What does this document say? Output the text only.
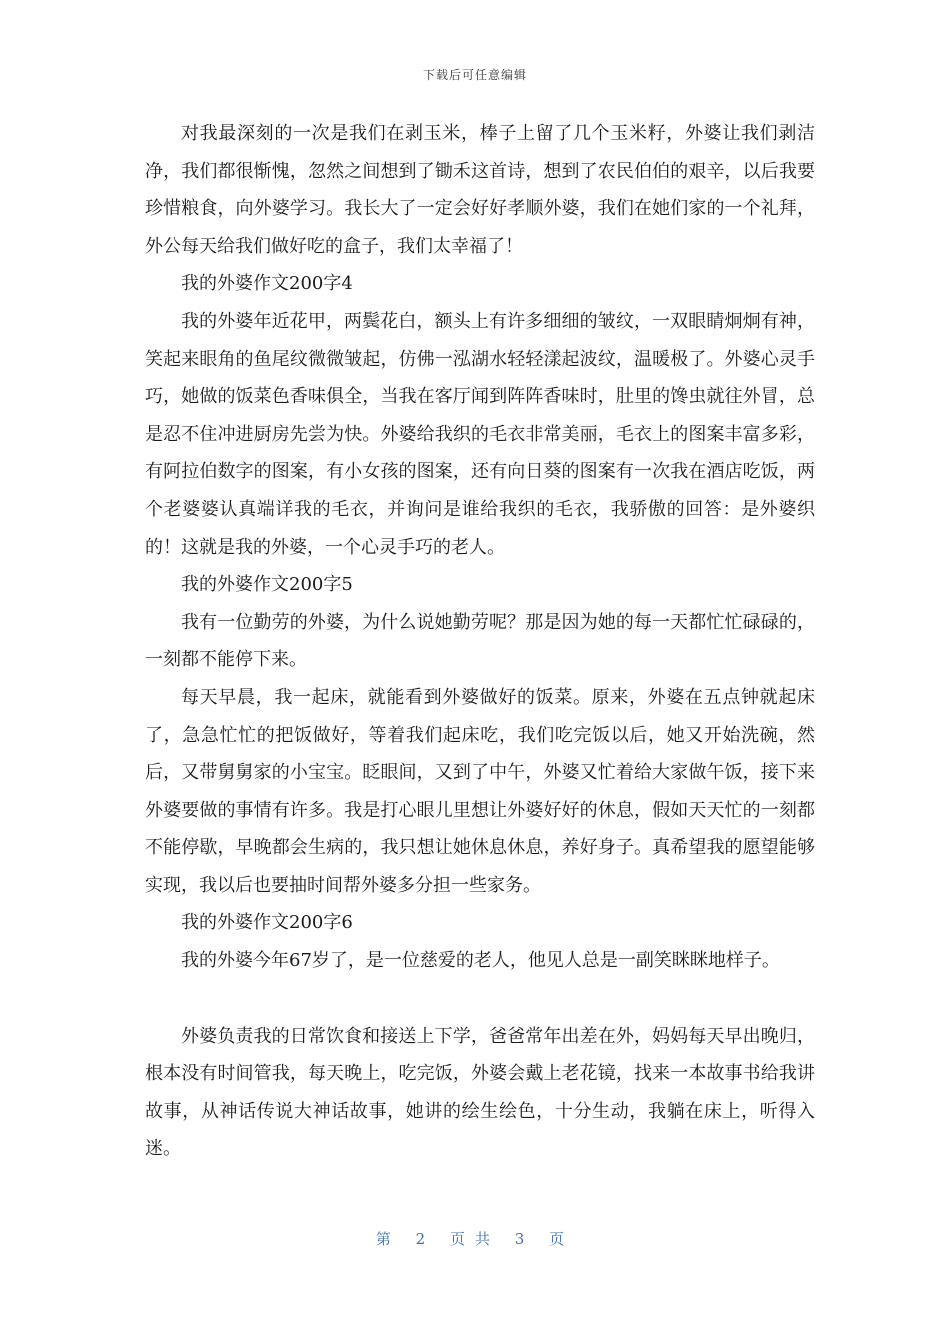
下载后可任意编辑

对我最深刻的一次是我们在剥玉米，棒子上留了几个玉米籽，外婆让我们剥洁净，我们都很惭愧，忽然之间想到了锄禾这首诗，想到了农民伯伯的艰辛，以后我要珍惜粮食，向外婆学习。我长大了一定会好好孝顺外婆，我们在她们家的一个礼拜，外公每天给我们做好吃的盒子，我们太幸福了！

我的外婆作文200字4

我的外婆年近花甲，两鬓花白，额头上有许多细细的皱纹，一双眼睛炯炯有神，笑起来眼角的鱼尾纹微微皱起，仿佛一泓湖水轻轻漾起波纹，温暖极了。外婆心灵手巧，她做的饭菜色香味俱全，当我在客厅闻到阵阵香味时，肚里的馋虫就往外冒，总是忍不住冲进厨房先尝为快。外婆给我织的毛衣非常美丽，毛衣上的图案丰富多彩，有阿拉伯数字的图案，有小女孩的图案，还有向日葵的图案有一次我在酒店吃饭，两个老婆婆认真端详我的毛衣，并询问是谁给我织的毛衣，我骄傲的回答：是外婆织的！这就是我的外婆，一个心灵手巧的老人。

我的外婆作文200字5

我有一位勤劳的外婆，为什么说她勤劳呢？那是因为她的每一天都忙忙碌碌的，一刻都不能停下来。

每天早晨，我一起床，就能看到外婆做好的饭菜。原来，外婆在五点钟就起床了，急急忙忙的把饭做好，等着我们起床吃，我们吃完饭以后，她又开始洗碗，然后，又带舅舅家的小宝宝。眨眼间，又到了中午，外婆又忙着给大家做午饭，接下来外婆要做的事情有许多。我是打心眼儿里想让外婆好好的休息，假如天天忙的一刻都不能停歇，早晚都会生病的，我只想让她休息休息，养好身子。真希望我的愿望能够实现，我以后也要抽时间帮外婆多分担一些家务。

我的外婆作文200字6

我的外婆今年67岁了，是一位慈爱的老人，他见人总是一副笑眯眯地样子。

外婆负责我的日常饮食和接送上下学，爸爸常年出差在外，妈妈每天早出晚归，根本没有时间管我，每天晚上，吃完饭，外婆会戴上老花镜，找来一本故事书给我讲故事，从神话传说大神话故事，她讲的绘生绘色，十分生动，我躺在床上，听得入迷。

第 2 页共 3 页
